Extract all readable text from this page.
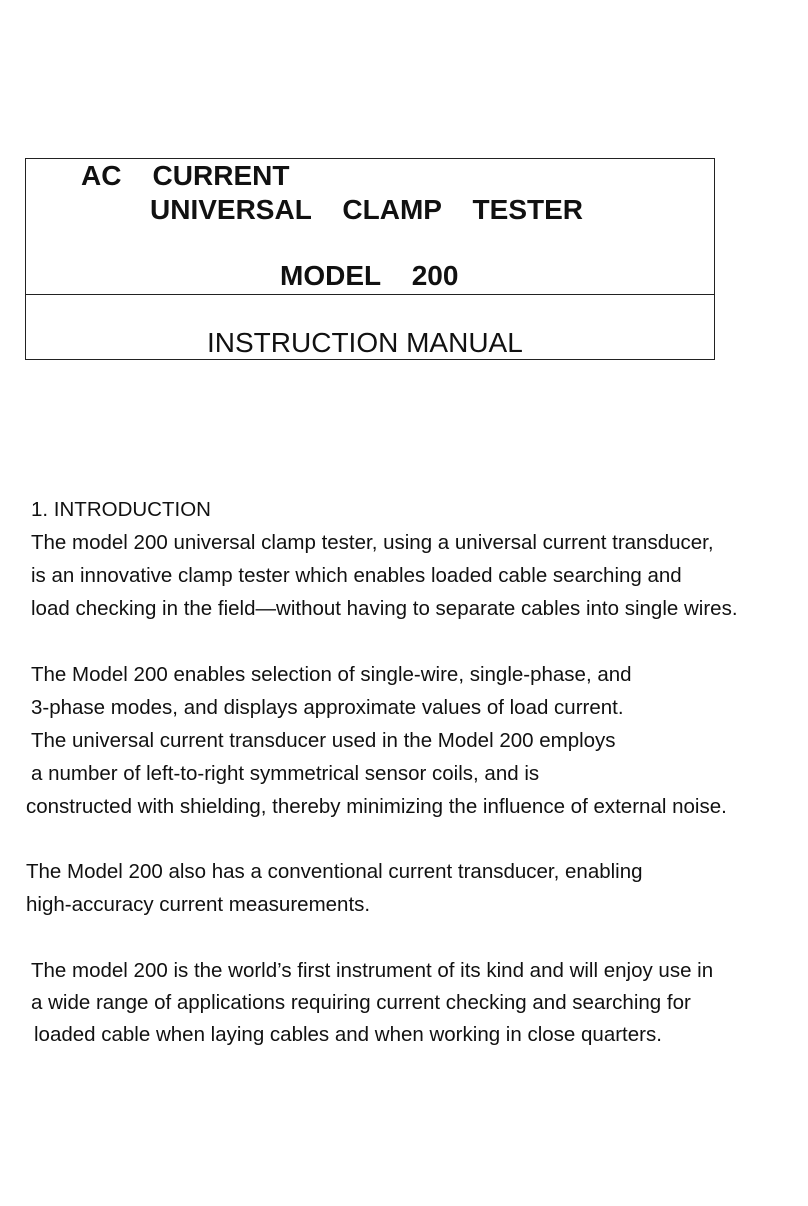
AC    CURRENT
UNIVERSAL    CLAMP    TESTER
MODEL    200
INSTRUCTION MANUAL

1. INTRODUCTION

The model 200 universal clamp tester, using a universal current transducer,

is an innovative clamp tester which enables loaded cable searching and

load checking in the field—without having to separate cables into single wires.

The Model 200 enables selection of single-wire, single-phase, and

3-phase modes, and displays approximate values of load current.

The universal current transducer used in the Model 200 employs

a number of left-to-right symmetrical sensor coils, and is

constructed with shielding, thereby minimizing the influence of external noise.

The Model 200 also has a conventional current transducer, enabling

high-accuracy current measurements.

The model 200 is the world’s first instrument of its kind and will enjoy use in

a wide range of applications requiring current checking and searching for

loaded cable when laying cables and when working in close quarters.
